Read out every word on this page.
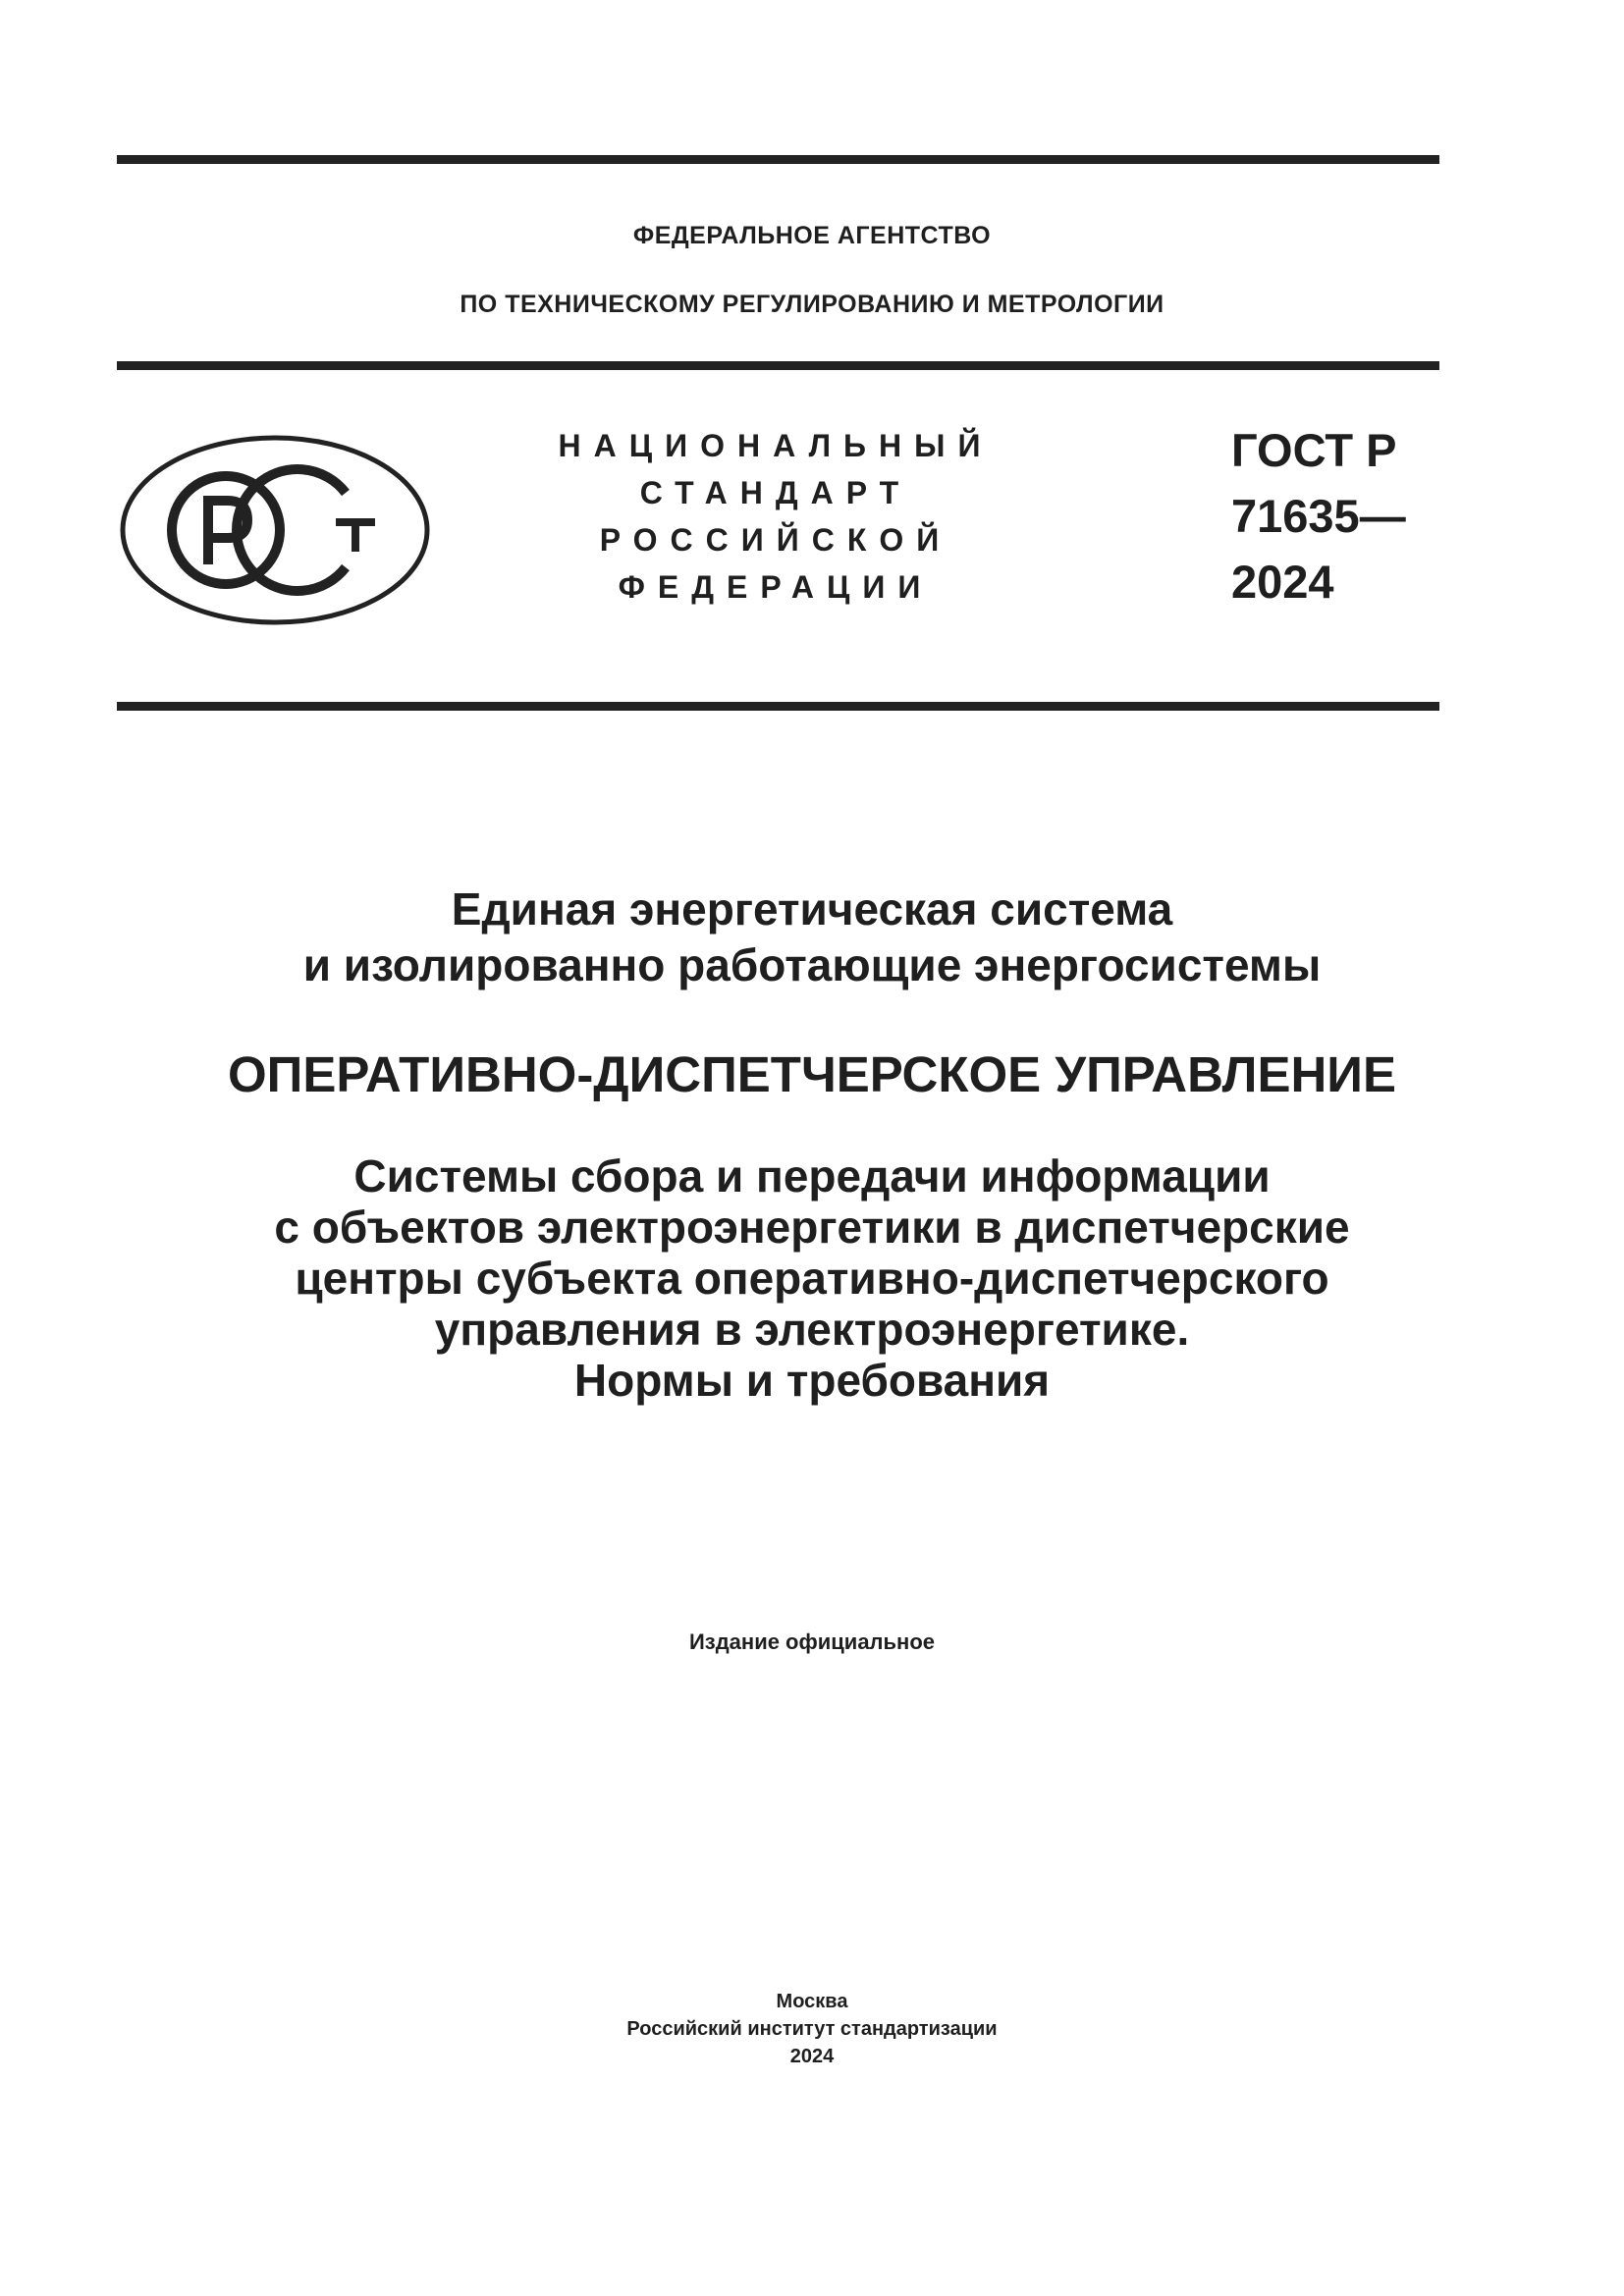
ФЕДЕРАЛЬНОЕ АГЕНТСТВО
ПО ТЕХНИЧЕСКОМУ РЕГУЛИРОВАНИЮ И МЕТРОЛОГИИ
НАЦИОНАЛЬНЫЙ
СТАНДАРТ
РОССИЙСКОЙ
ФЕДЕРАЦИИ
ГОСТ Р
71635—
2024
Единая энергетическая система
и изолированно работающие энергосистемы
ОПЕРАТИВНО-ДИСПЕТЧЕРСКОЕ УПРАВЛЕНИЕ
Системы сбора и передачи информации
с объектов электроэнергетики в диспетчерские
центры субъекта оперативно-диспетчерского
управления в электроэнергетике.
Нормы и требования
Издание официальное
Москва
Российский институт стандартизации
2024
